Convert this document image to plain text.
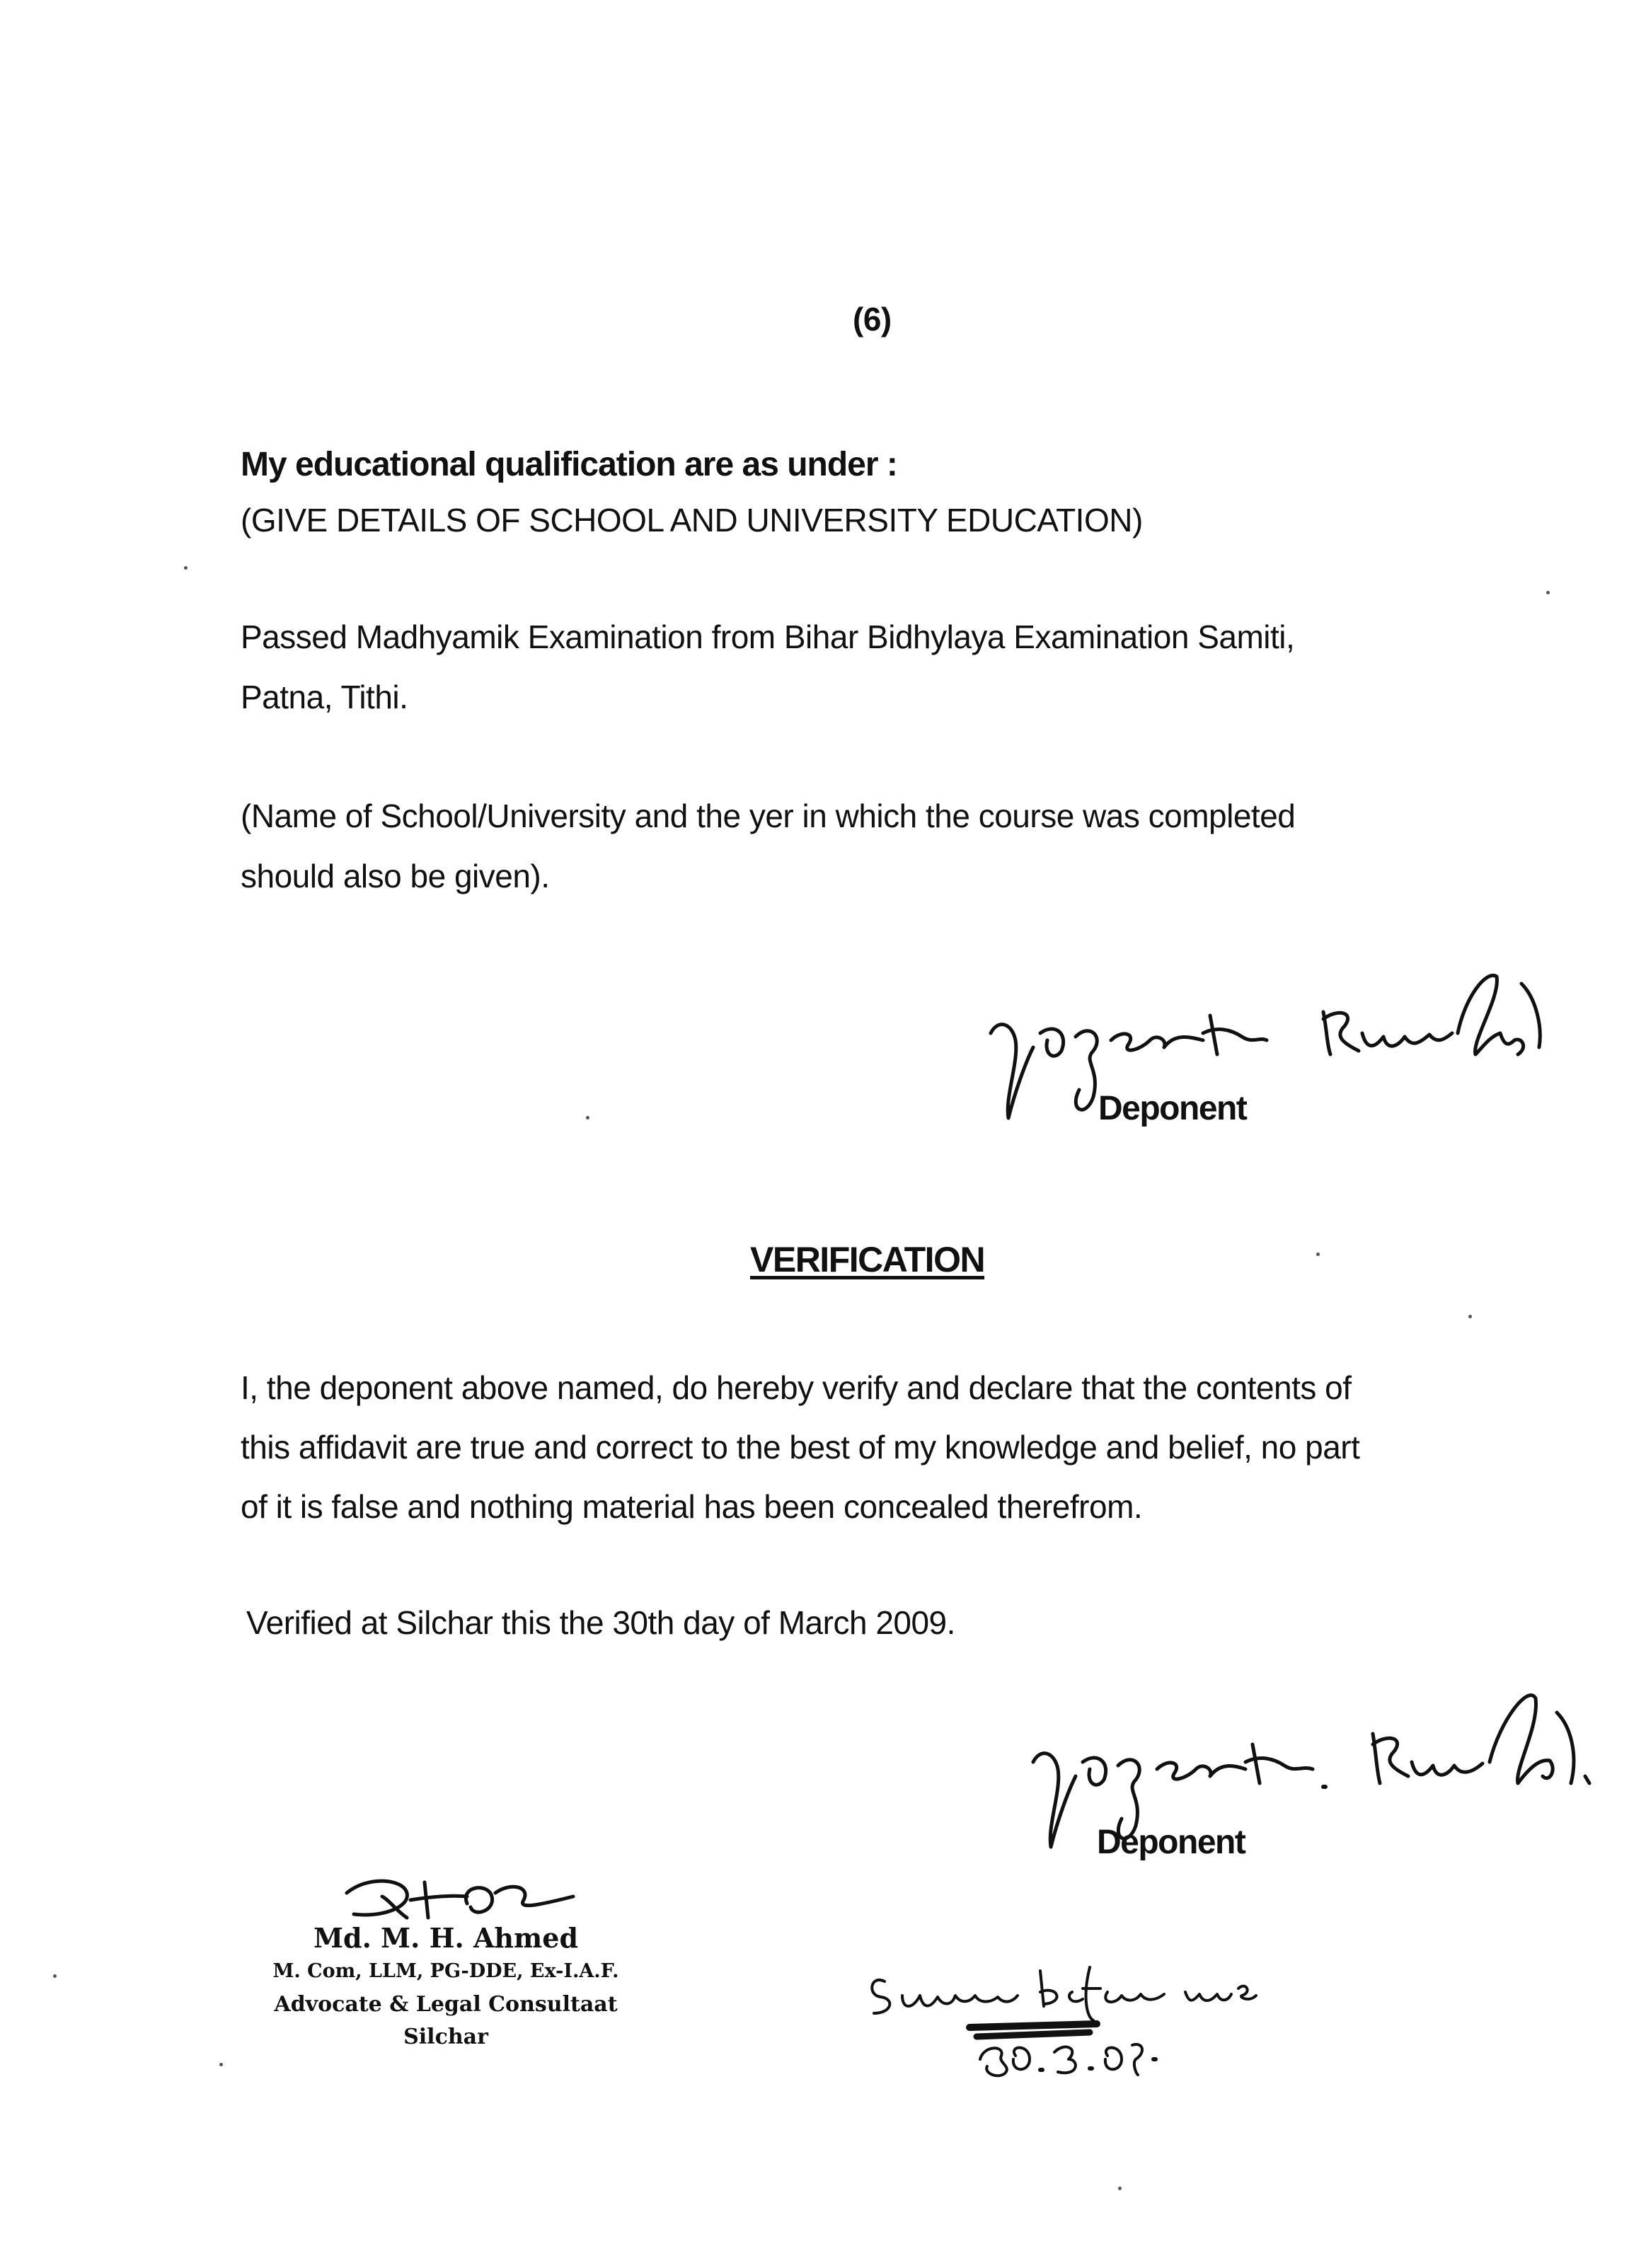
(6)
My educational qualification are as under :
(GIVE DETAILS OF SCHOOL AND UNIVERSITY EDUCATION)
Passed Madhyamik Examination from Bihar Bidhylaya Examination Samiti,
Patna, Tithi.
(Name of School/University and the yer in which the course was completed
should also be given).
Deponent
VERIFICATION
I, the deponent above named, do hereby verify and declare that the contents of
this affidavit are true and correct to the best of my knowledge and belief, no part
of it is false and nothing material has been concealed therefrom.
Verified at Silchar this the 30th day of March 2009.
Deponent
Md. M. H. Ahmed
M. Com, LLM, PG-DDE, Ex-I.A.F.
Advocate & Legal Consultaat
Silchar
